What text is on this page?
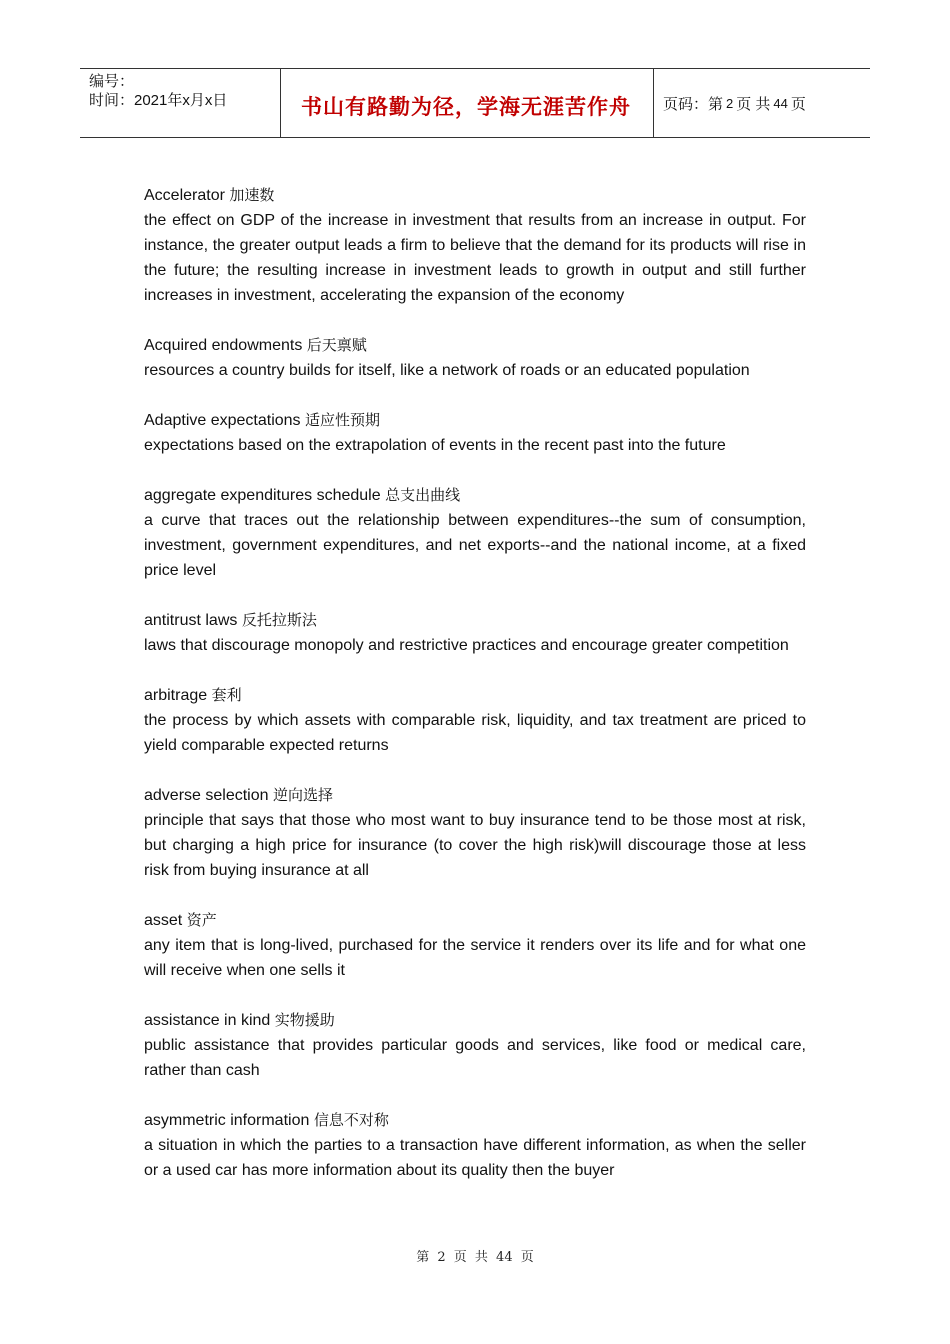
编号：
时间：2021年x月x日	书山有路勤为径，学海无涯苦作舟	页码：第 2 页 共 44 页
Accelerator 加速数
the effect on GDP of the increase in investment that results from an increase in output. For instance, the greater output leads a firm to believe that the demand for its products will rise in the future; the resulting increase in investment leads to growth in output and still further increases in investment, accelerating the expansion of the economy
Acquired endowments 后天禀赋
resources a country builds for itself, like a network of roads or an educated population
Adaptive expectations 适应性预期
expectations based on the extrapolation of events in the recent past into the future
aggregate expenditures schedule 总支出曲线
a curve that traces out the relationship between expenditures--the sum of consumption, investment, government expenditures, and net exports--and the national income, at a fixed price level
antitrust laws 反托拉斯法
laws that discourage monopoly and restrictive practices and encourage greater competition
arbitrage 套利
the process by which assets with comparable risk, liquidity, and tax treatment are priced to yield comparable expected returns
adverse selection 逆向选择
principle that says that those who most want to buy insurance tend to be those most at risk, but charging a high price for insurance (to cover the high risk)will discourage those at less risk from buying insurance at all
asset 资产
any item that is long-lived, purchased for the service it renders over its life and for what one will receive when one sells it
assistance in kind 实物援助
public assistance that provides particular goods and services, like food or medical care, rather than cash
asymmetric information 信息不对称
a situation in which the parties to a transaction have different information, as when the seller or a used car has more information about its quality then the buyer
第 2 页 共 44 页
